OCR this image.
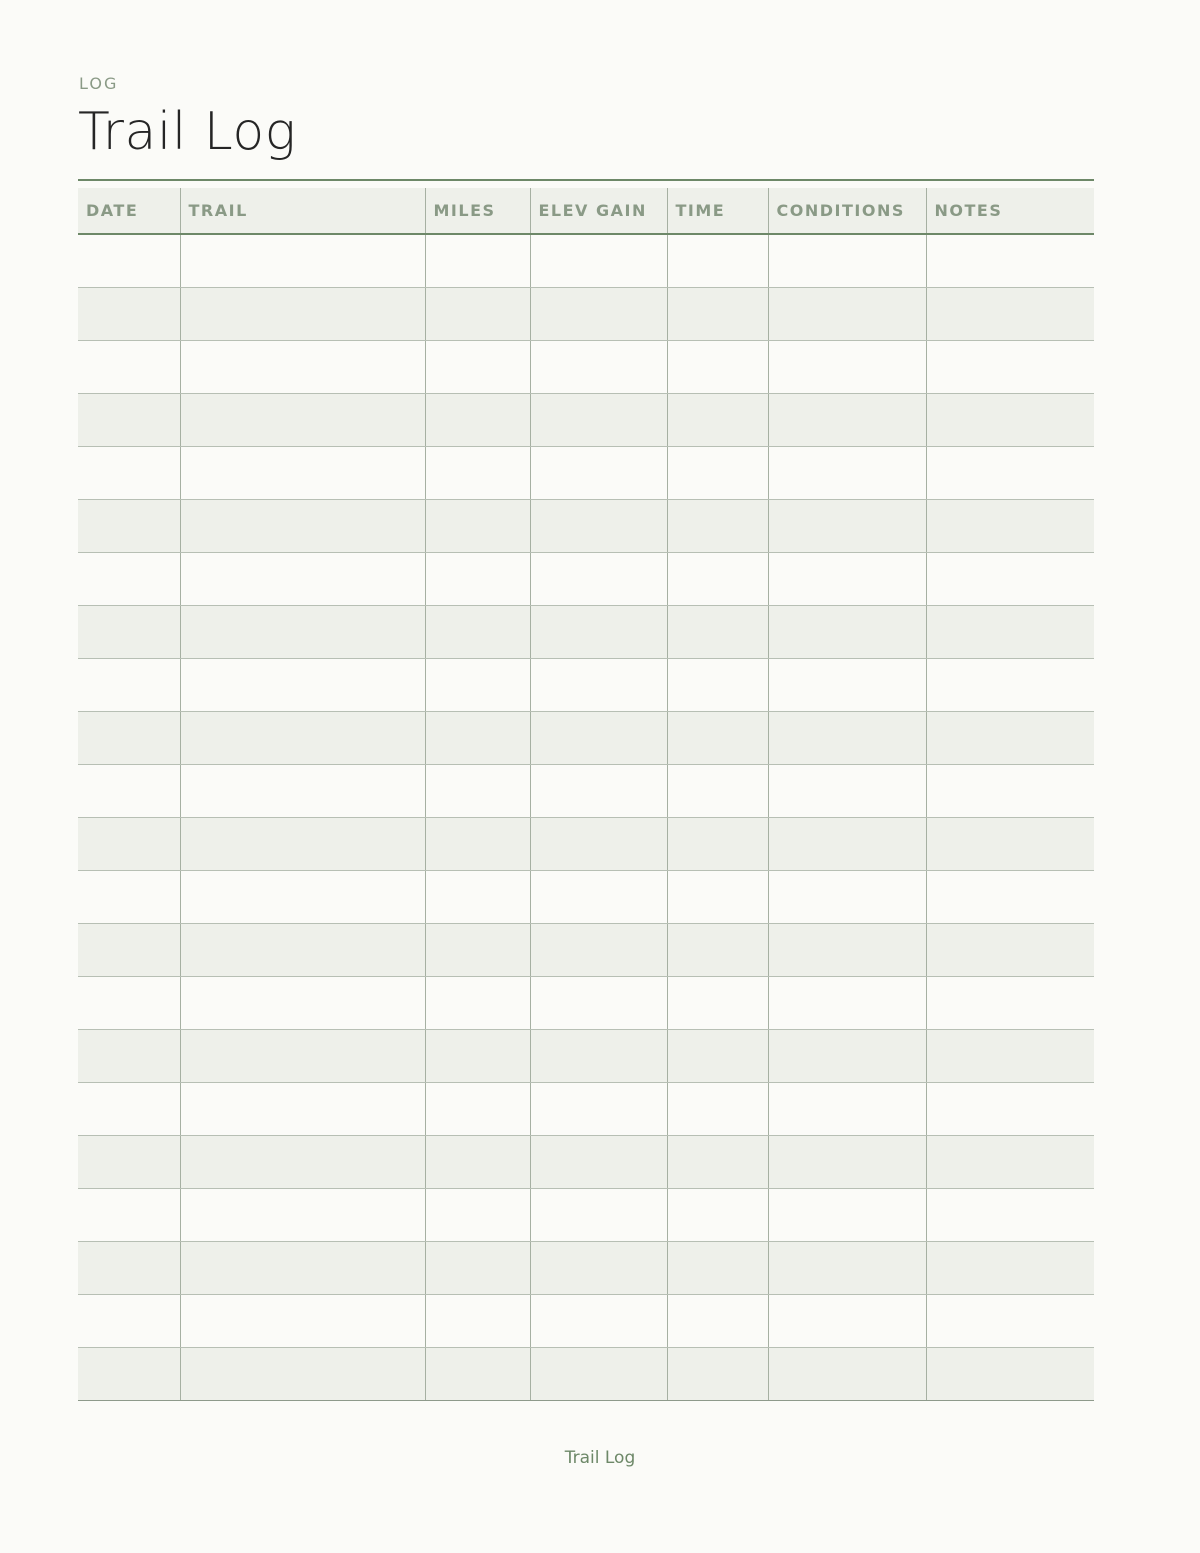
LOG
Trail Log
DATE	TRAIL	MILES	ELEV GAIN	TIME	CONDITIONS	NOTES

Trail Log
